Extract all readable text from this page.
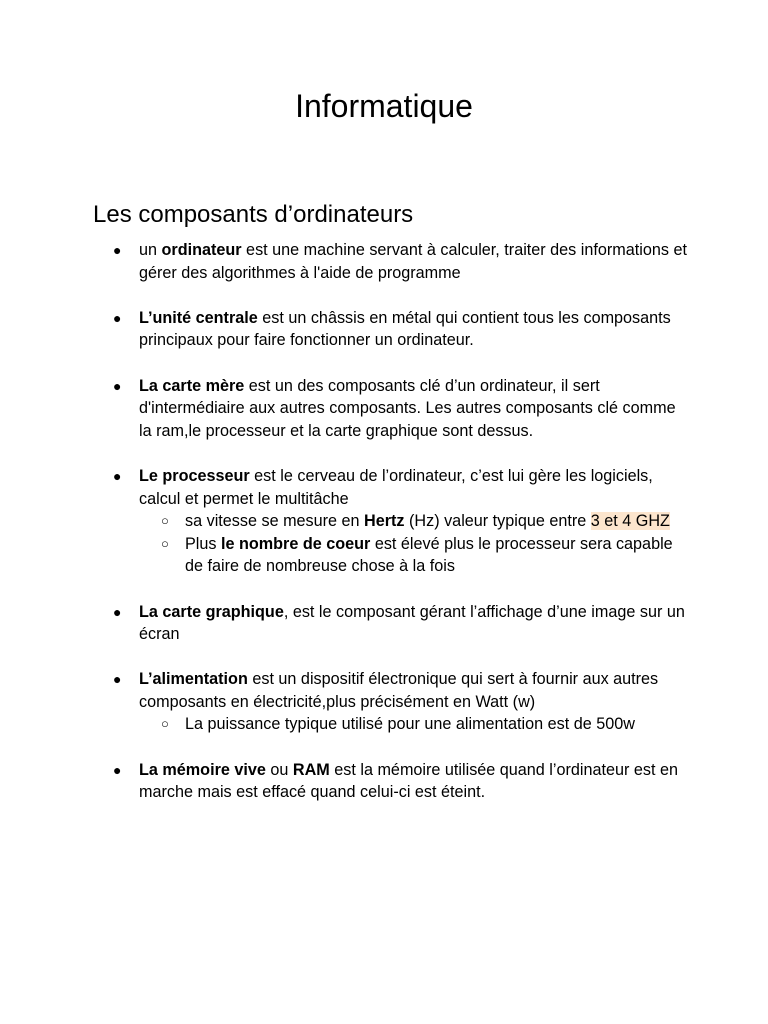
Informatique
Les composants d’ordinateurs
● un ordinateur est une machine servant à calculer, traiter des informations et gérer des algorithmes à l'aide de programme
● L’unité centrale est un châssis en métal qui contient tous les composants principaux pour faire fonctionner un ordinateur.
● La carte mère est un des composants clé d’un ordinateur, il sert d'intermédiaire aux autres composants. Les autres composants clé comme la ram,le processeur et la carte graphique sont dessus.
● Le processeur est le cerveau de l’ordinateur, c’est lui gère les logiciels, calcul et permet le multitâche
○ sa vitesse se mesure en Hertz (Hz) valeur typique entre 3 et 4 GHZ
○ Plus le nombre de coeur est élevé plus le processeur sera capable de faire de nombreuse chose à la fois
● La carte graphique, est le composant gérant l’affichage d’une image sur un écran
● L’alimentation est un dispositif électronique qui sert à fournir aux autres composants en électricité,plus précisément en Watt (w)
○ La puissance typique utilisé pour une alimentation est de 500w
● La mémoire vive ou RAM est la mémoire utilisée quand l’ordinateur est en marche mais est effacé quand celui-ci est éteint.
